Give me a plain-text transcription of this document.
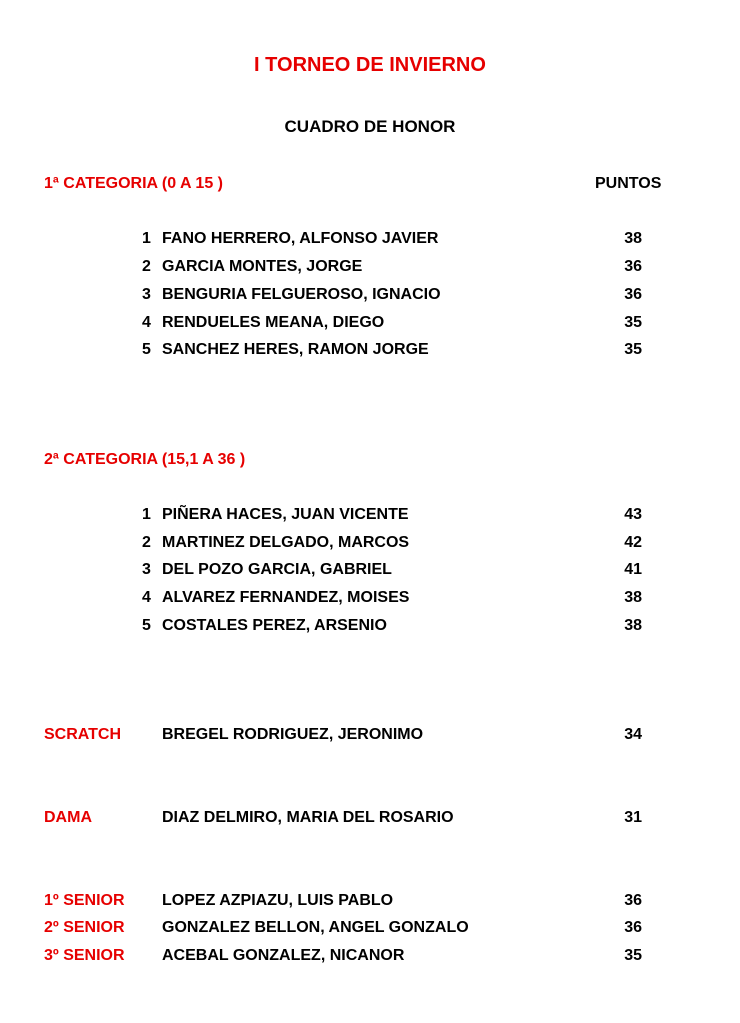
I TORNEO DE INVIERNO
CUADRO DE HONOR
1ª CATEGORIA (0 A 15 )	PUNTOS
1 FANO HERRERO, ALFONSO JAVIER	38
2 GARCIA MONTES, JORGE	36
3 BENGURIA FELGUEROSO, IGNACIO	36
4 RENDUELES MEANA, DIEGO	35
5 SANCHEZ HERES, RAMON JORGE	35
2ª CATEGORIA (15,1 A 36 )
1 PIÑERA HACES, JUAN VICENTE	43
2 MARTINEZ DELGADO, MARCOS	42
3 DEL POZO GARCIA, GABRIEL	41
4 ALVAREZ FERNANDEZ, MOISES	38
5 COSTALES PEREZ, ARSENIO	38
SCRATCH	BREGEL RODRIGUEZ, JERONIMO	34
DAMA	DIAZ DELMIRO, MARIA DEL ROSARIO	31
1º SENIOR LOPEZ AZPIAZU, LUIS PABLO	36
2º SENIOR GONZALEZ BELLON, ANGEL GONZALO	36
3º SENIOR ACEBAL GONZALEZ, NICANOR	35
